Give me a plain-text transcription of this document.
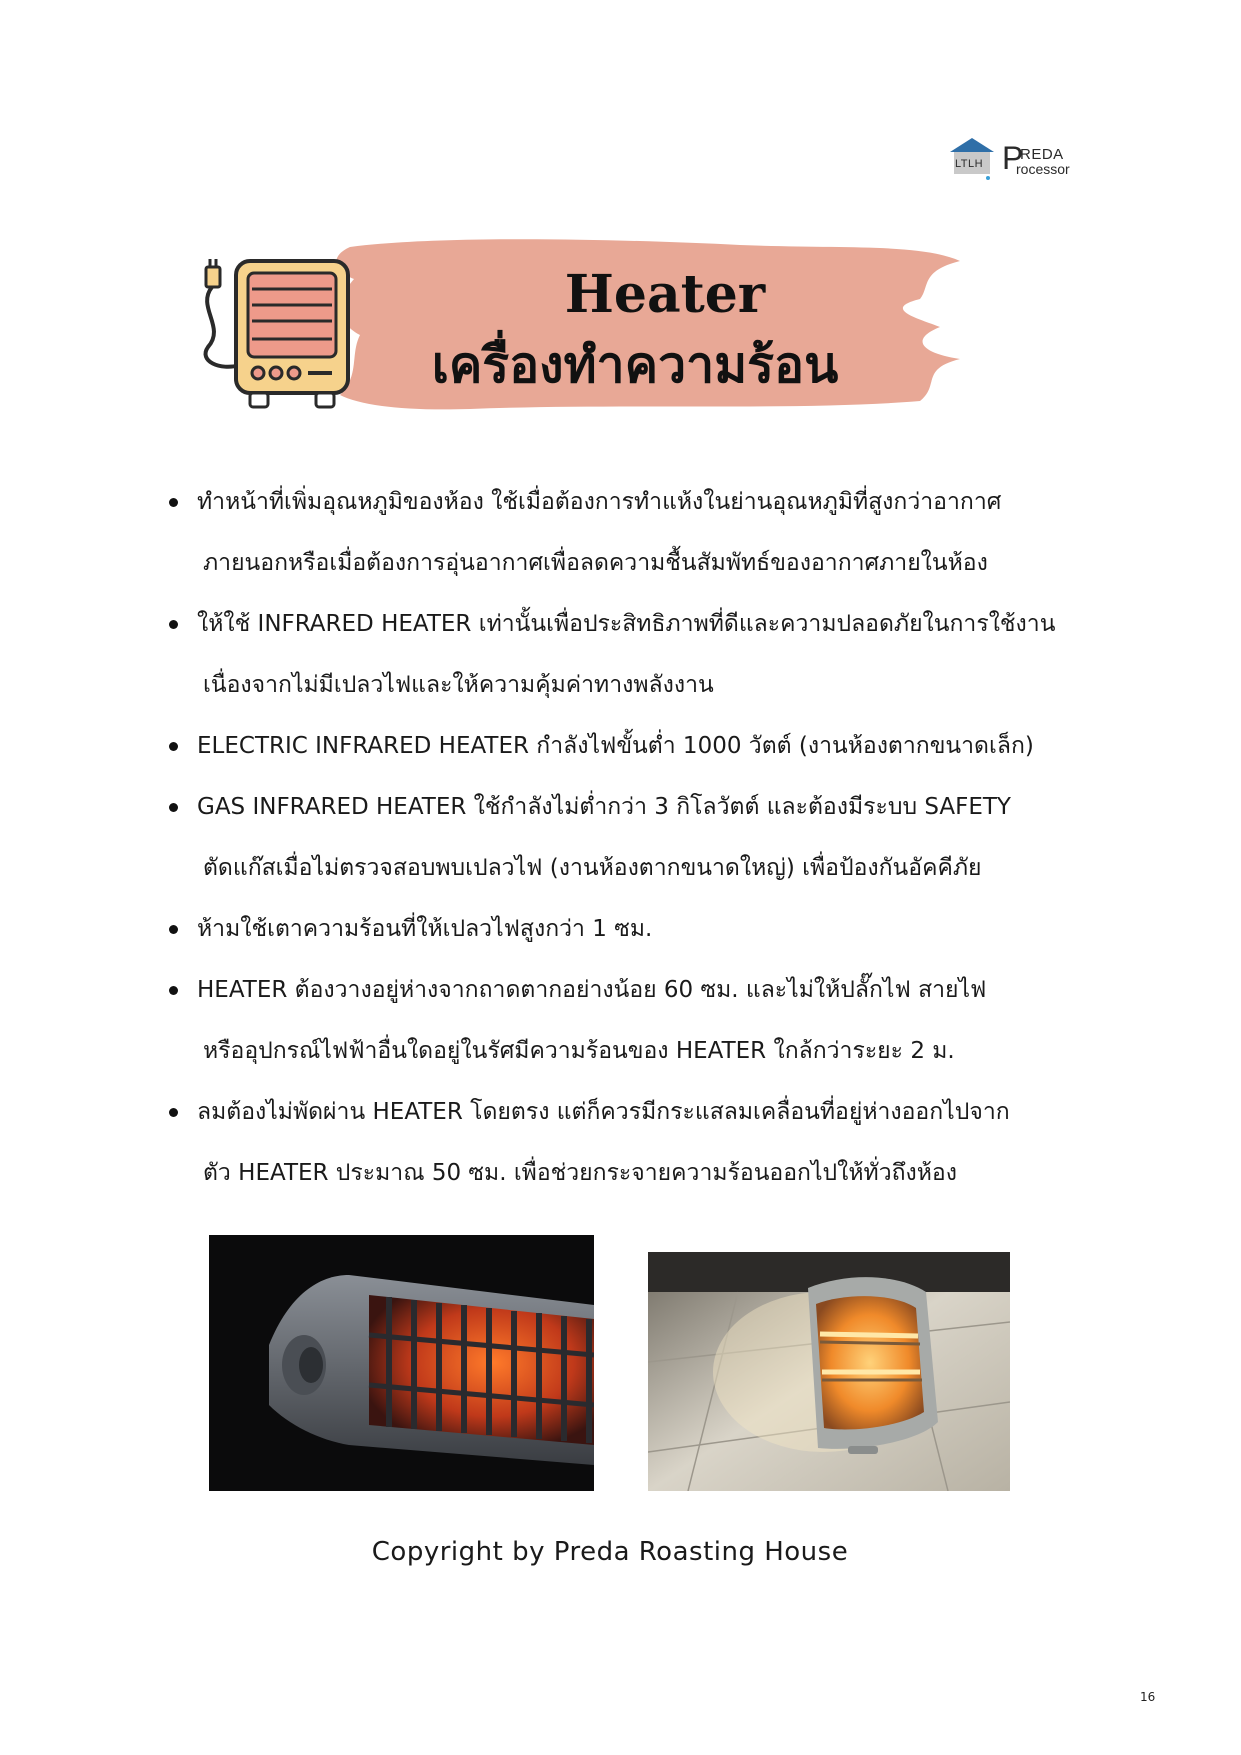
LTLH P
REDA
rocessor
Heater
เครื่องทำความร้อน
ทำหน้าที่เพิ่มอุณหภูมิของห้อง ใช้เมื่อต้องการทำแห้งในย่านอุณหภูมิที่สูงกว่าอากาศ
ภายนอกหรือเมื่อต้องการอุ่นอากาศเพื่อลดความชื้นสัมพัทธ์ของอากาศภายในห้อง
ให้ใช้ INFRARED HEATER เท่านั้นเพื่อประสิทธิภาพที่ดีและความปลอดภัยในการใช้งาน
เนื่องจากไม่มีเปลวไฟและให้ความคุ้มค่าทางพลังงาน
ELECTRIC INFRARED HEATER กำลังไฟขั้นต่ำ 1000 วัตต์ (งานห้องตากขนาดเล็ก)
GAS INFRARED HEATER ใช้กำลังไม่ต่ำกว่า 3 กิโลวัตต์ และต้องมีระบบ SAFETY
ตัดแก๊สเมื่อไม่ตรวจสอบพบเปลวไฟ (งานห้องตากขนาดใหญ่) เพื่อป้องกันอัคคีภัย
ห้ามใช้เตาความร้อนที่ให้เปลวไฟสูงกว่า 1 ซม.
HEATER ต้องวางอยู่ห่างจากถาดตากอย่างน้อย 60 ซม. และไม่ให้ปลั๊กไฟ สายไฟ
หรืออุปกรณ์ไฟฟ้าอื่นใดอยู่ในรัศมีความร้อนของ HEATER ใกล้กว่าระยะ 2 ม.
ลมต้องไม่พัดผ่าน HEATER โดยตรง แต่ก็ควรมีกระแสลมเคลื่อนที่อยู่ห่างออกไปจาก
ตัว HEATER ประมาณ 50 ซม. เพื่อช่วยกระจายความร้อนออกไปให้ทั่วถึงห้อง
Copyright by Preda Roasting House
16
